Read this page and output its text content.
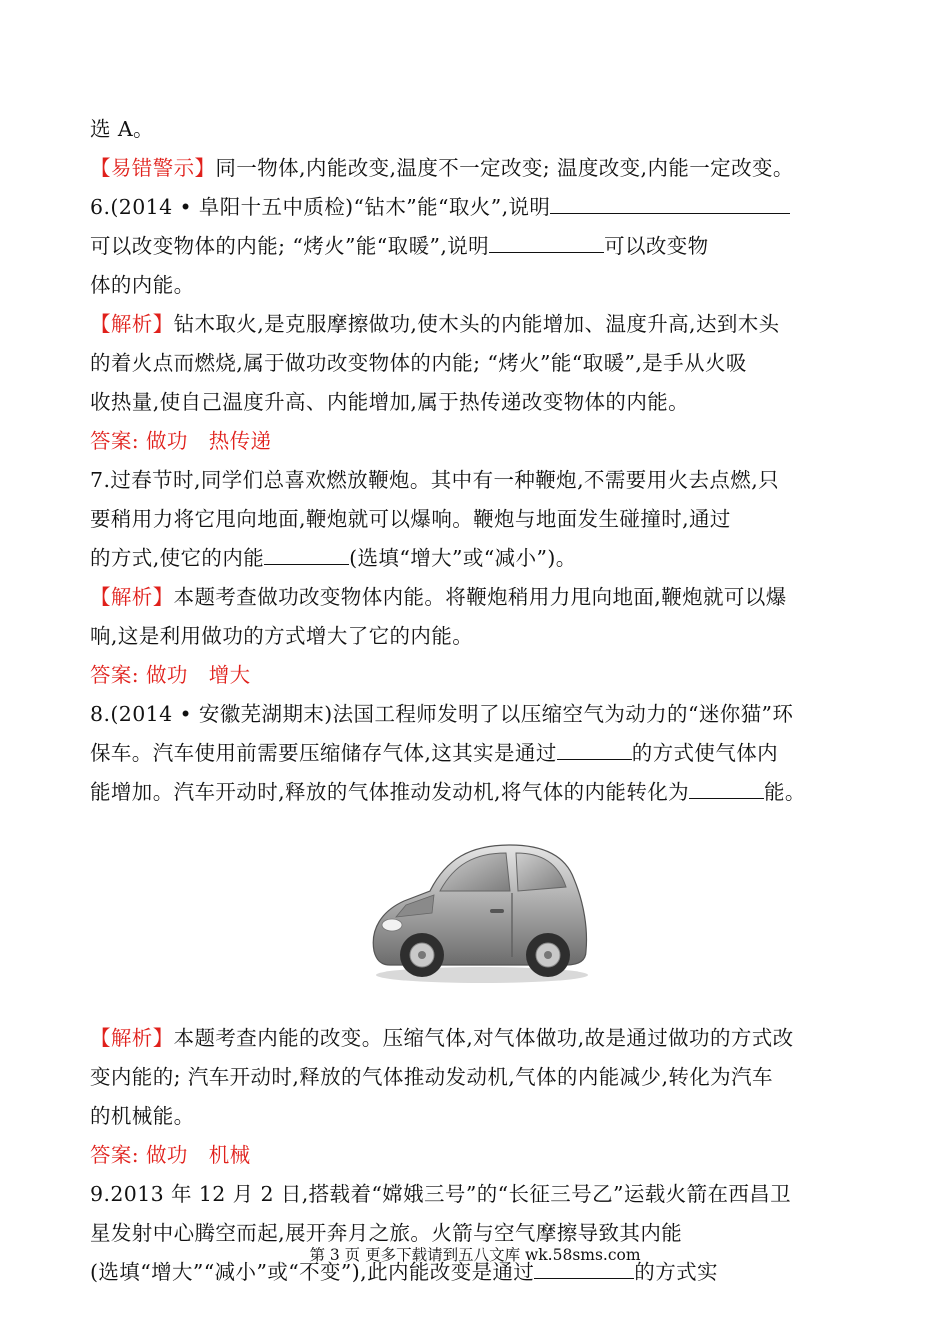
选 A。
【易错警示】同一物体,内能改变,温度不一定改变; 温度改变,内能一定改变。
6.(2014 • 阜阳十五中质检)“钻木”能“取火”,说明
可以改变物体的内能; “烤火”能“取暖”,说明	可以改变物
体的内能。
【解析】钻木取火,是克服摩擦做功,使木头的内能增加、温度升高,达到木头
的着火点而燃烧,属于做功改变物体的内能; “烤火”能“取暖”,是手从火吸
收热量,使自己温度升高、内能增加,属于热传递改变物体的内能。
答案: 做功　热传递
7.过春节时,同学们总喜欢燃放鞭炮。其中有一种鞭炮,不需要用火去点燃,只
要稍用力将它甩向地面,鞭炮就可以爆响。鞭炮与地面发生碰撞时,通过
的方式,使它的内能	(选填“增大”或“减小”)。
【解析】本题考查做功改变物体内能。将鞭炮稍用力甩向地面,鞭炮就可以爆
响,这是利用做功的方式增大了它的内能。
答案: 做功　增大
8.(2014 • 安徽芜湖期末)法国工程师发明了以压缩空气为动力的“迷你猫”环
保车。汽车使用前需要压缩储存气体,这其实是通过	的方式使气体内
能增加。汽车开动时,释放的气体推动发动机,将气体的内能转化为	能。
【解析】本题考查内能的改变。压缩气体,对气体做功,故是通过做功的方式改
变内能的; 汽车开动时,释放的气体推动发动机,气体的内能减少,转化为汽车
的机械能。
答案: 做功　机械
9.2013 年 12 月 2 日,搭载着“嫦娥三号”的“长征三号乙”运载火箭在西昌卫
星发射中心腾空而起,展开奔月之旅。火箭与空气摩擦导致其内能
(选填“增大”“减小”或“不变”),此内能改变是通过	的方式实
第 3 页 更多下载请到五八文库 wk.58sms.com
